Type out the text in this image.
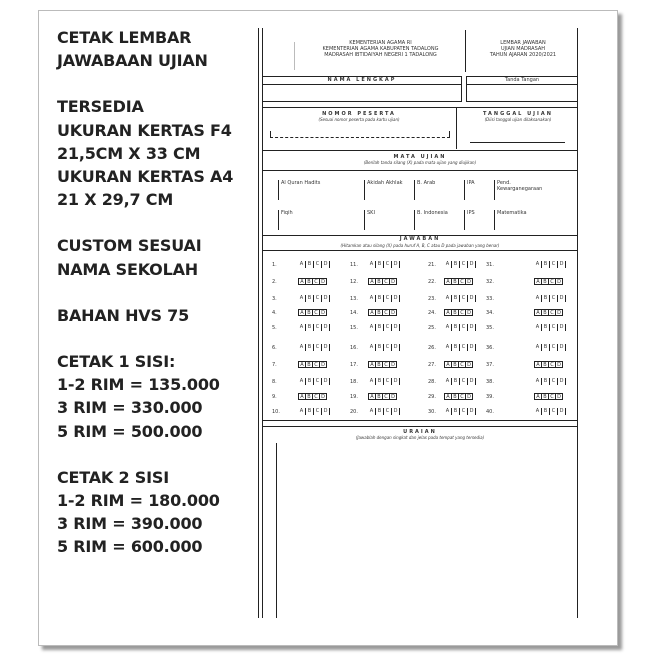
CETAK LEMBAR
JAWABAAN UJIAN
TERSEDIA
UKURAN KERTAS F4
21,5CM X 33 CM
UKURAN KERTAS A4
21 X 29,7 CM
CUSTOM SESUAI
NAMA SEKOLAH
BAHAN HVS 75
CETAK 1 SISI:
1-2 RIM = 135.000
3 RIM = 330.000
5 RIM = 500.000
CETAK 2 SISI
1-2 RIM = 180.000
3 RIM = 390.000
5 RIM = 600.000
KEMENTERIAN AGAMA RI
KEMENTERIAN AGAMA KABUPATEN TADALONG
MADRASAH IBTIDAIYAH NEGERI 1 TADALONG
LEMBAR JAWABAN
UJIAN MADRASAH
TAHUN AJARAN 2020/2021
NAMA LENGKAP	Tanda Tangan
NOMOR PESERTA
(Sesuai nomor peserta pada kartu ujian)
TANGGAL UJIAN
(Diisi tanggal ujian dilaksanakan)
MATA UJIAN
(Berilah tanda silang (X) pada mata ujian yang diujikan)
Al Quran Hadits	Akidah Akhlak	B. Arab	IPA	Pend. Kewarganegaraan
Fiqih	SKI	B. Indonesia	IPS	Matematika
JAWABAN
(Hitamkan atau silang (X) pada huruf A, B, C atau D pada jawaban yang benar)
1.	A B C D
2.	A B C D
3.	A B C D
4.	A B C D
5.	A B C D
6.	A B C D
7.	A B C D
8.	A B C D
9.	A B C D
10.	A B C D
11.	A B C D
12.	A B C D
13.	A B C D
14.	A B C D
15.	A B C D
16.	A B C D
17.	A B C D
18.	A B C D
19.	A B C D
20.	A B C D
21.	A B C D
22.	A B C D
23.	A B C D
24.	A B C D
25.	A B C D
26.	A B C D
27.	A B C D
28.	A B C D
29.	A B C D
30.	A B C D
31.	A B C D
32.	A B C D
33.	A B C D
34.	A B C D
35.	A B C D
36.	A B C D
37.	A B C D
38.	A B C D
39.	A B C D
40.	A B C D
URAIAN
(Jawablah dengan singkat dan jelas pada tempat yang tersedia)
